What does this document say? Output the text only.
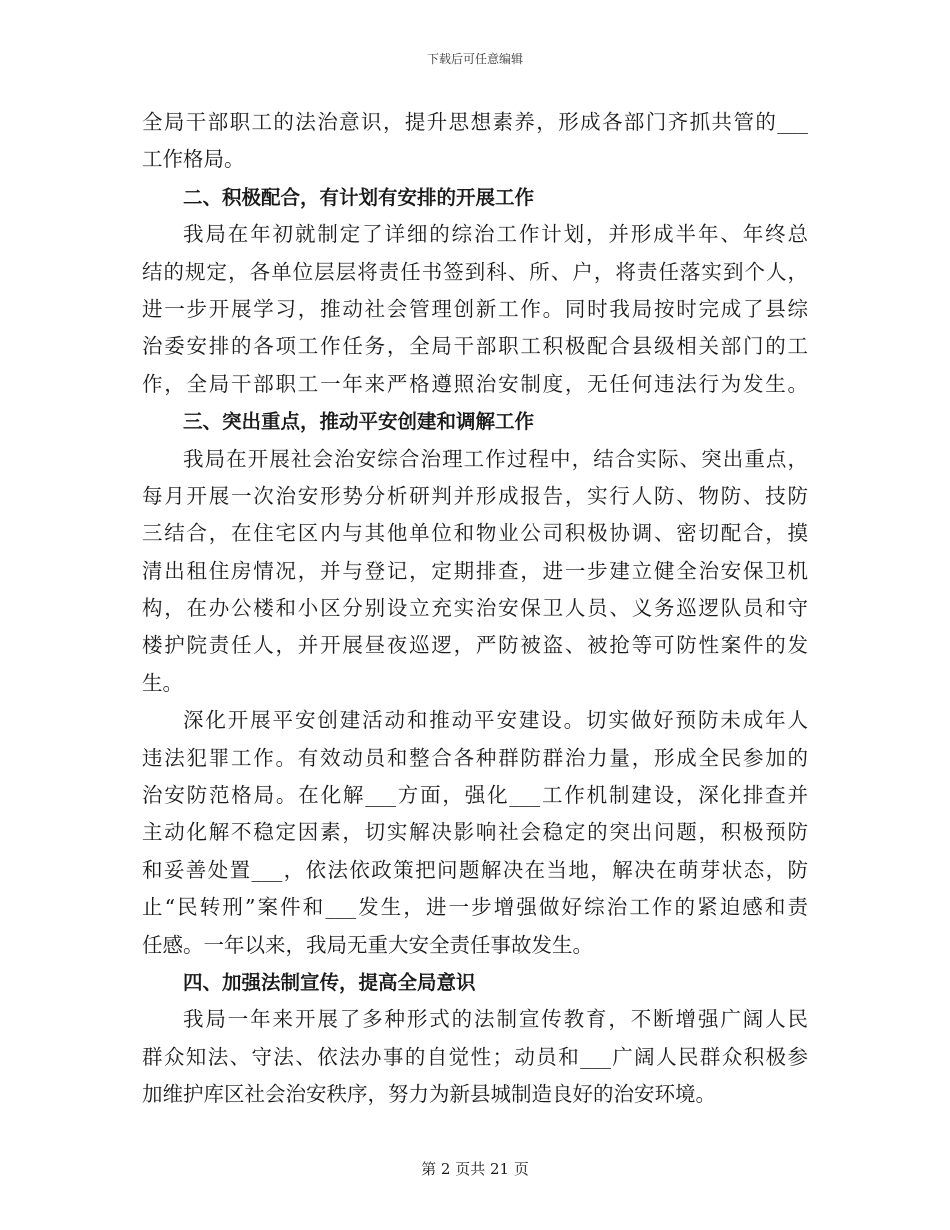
下载后可任意编辑
全局干部职工的法治意识，提升思想素养，形成各部门齐抓共管的___
工作格局。
二、积极配合，有计划有安排的开展工作
我局在年初就制定了详细的综治工作计划，并形成半年、年终总
结的规定，各单位层层将责任书签到科、所、户，将责任落实到个人，
进一步开展学习，推动社会管理创新工作。同时我局按时完成了县综
治委安排的各项工作任务，全局干部职工积极配合县级相关部门的工
作，全局干部职工一年来严格遵照治安制度，无任何违法行为发生。
三、突出重点，推动平安创建和调解工作
我局在开展社会治安综合治理工作过程中，结合实际、突出重点，
每月开展一次治安形势分析研判并形成报告，实行人防、物防、技防
三结合，在住宅区内与其他单位和物业公司积极协调、密切配合，摸
清出租住房情况，并与登记，定期排查，进一步建立健全治安保卫机
构，在办公楼和小区分别设立充实治安保卫人员、义务巡逻队员和守
楼护院责任人，并开展昼夜巡逻，严防被盗、被抢等可防性案件的发
生。
深化开展平安创建活动和推动平安建设。切实做好预防未成年人
违法犯罪工作。有效动员和整合各种群防群治力量，形成全民参加的
治安防范格局。在化解___方面，强化___工作机制建设，深化排查并
主动化解不稳定因素，切实解决影响社会稳定的突出问题，积极预防
和妥善处置___，依法依政策把问题解决在当地，解决在萌芽状态，防
止“民转刑”案件和___发生，进一步增强做好综治工作的紧迫感和责
任感。一年以来，我局无重大安全责任事故发生。
四、加强法制宣传，提高全局意识
我局一年来开展了多种形式的法制宣传教育，不断增强广阔人民
群众知法、守法、依法办事的自觉性；动员和___广阔人民群众积极参
加维护库区社会治安秩序，努力为新县城制造良好的治安环境。
第 2 页共 21 页
